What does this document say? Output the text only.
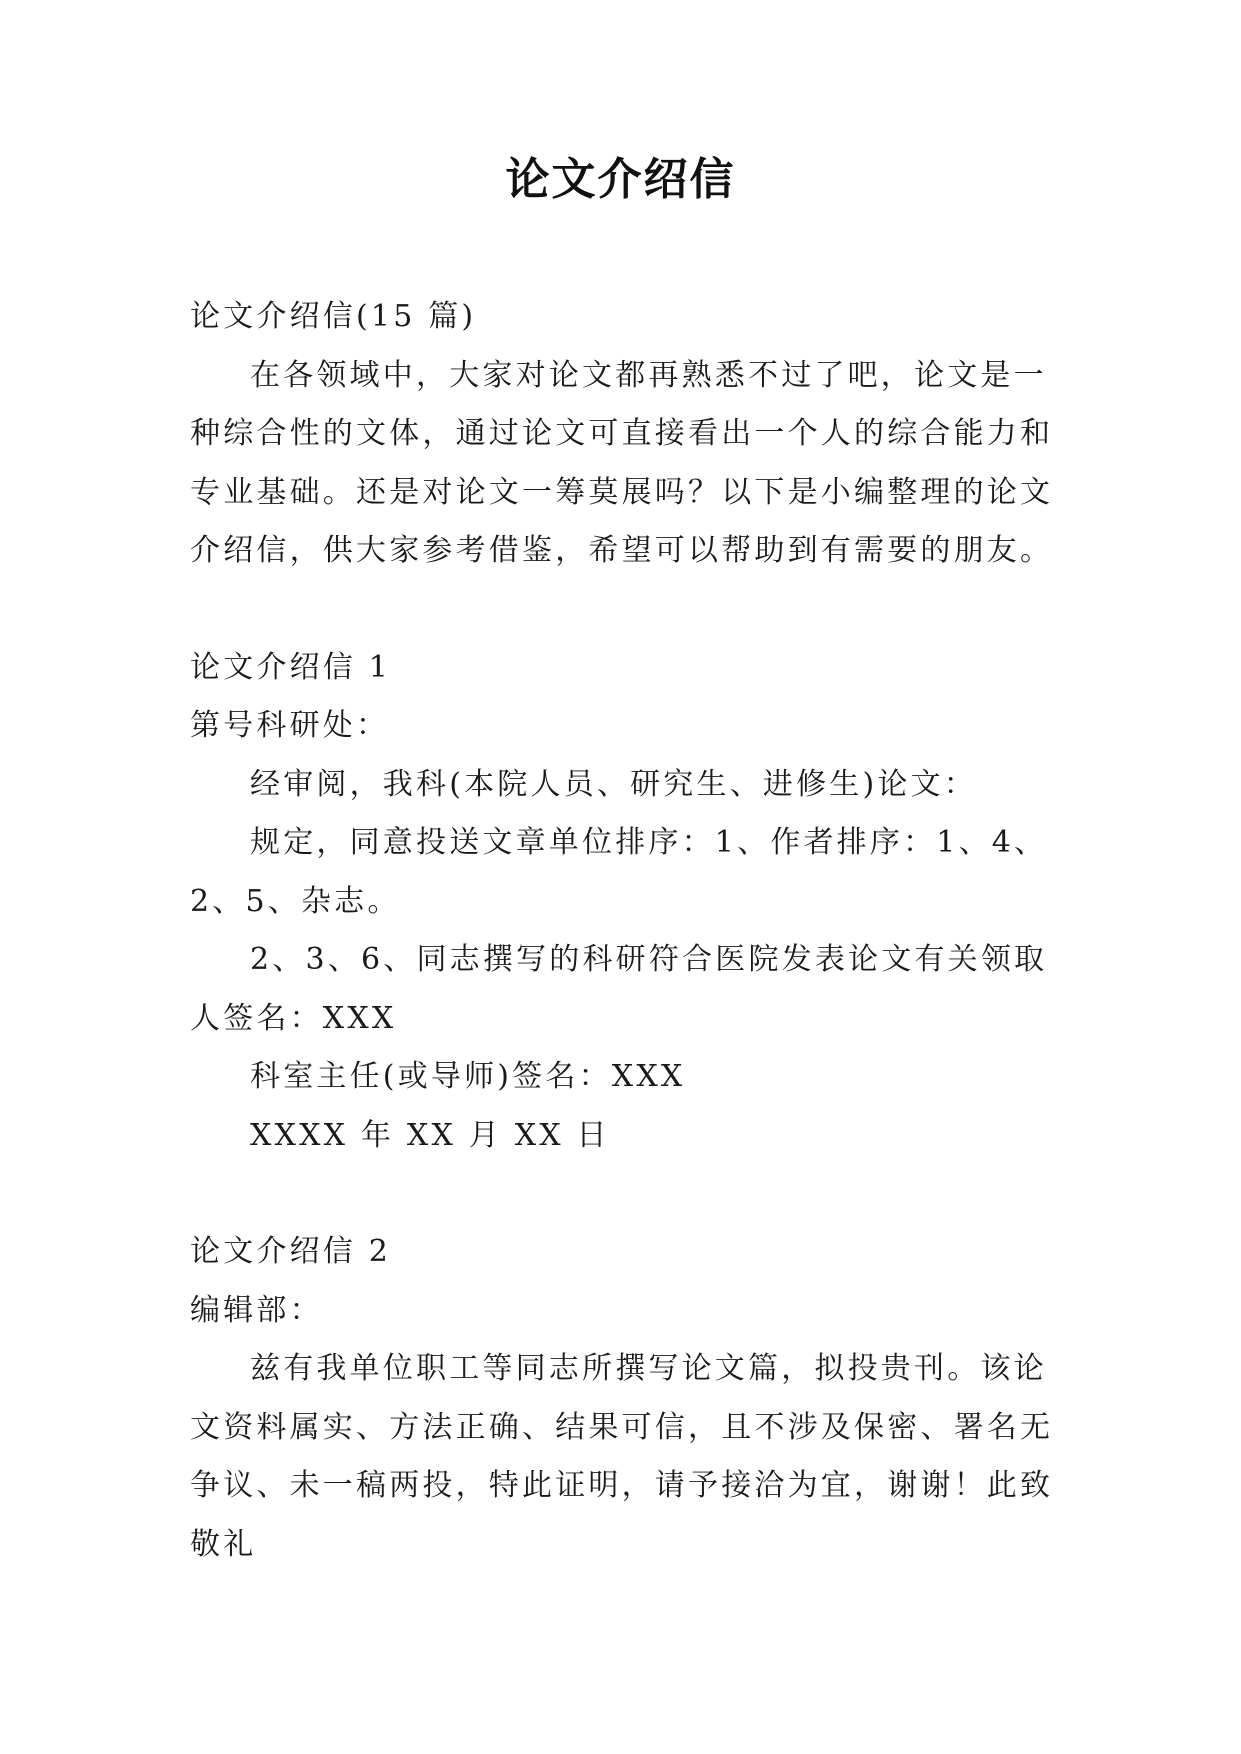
论文介绍信

论文介绍信(15 篇)

在各领域中，大家对论文都再熟悉不过了吧，论文是一种综合性的文体，通过论文可直接看出一个人的综合能力和专业基础。还是对论文一筹莫展吗？以下是小编整理的论文介绍信，供大家参考借鉴，希望可以帮助到有需要的朋友。

论文介绍信 1

第号科研处：

经审阅，我科(本院人员、研究生、进修生)论文：

规定，同意投送文章单位排序：1、作者排序：1、4、2、5、杂志。

2、3、6、同志撰写的科研符合医院发表论文有关领取人签名：XXX

科室主任(或导师)签名：XXX

XXXX 年 XX 月 XX 日

论文介绍信 2

编辑部：

兹有我单位职工等同志所撰写论文篇，拟投贵刊。该论文资料属实、方法正确、结果可信，且不涉及保密、署名无争议、未一稿两投，特此证明，请予接洽为宜，谢谢！此致敬礼
